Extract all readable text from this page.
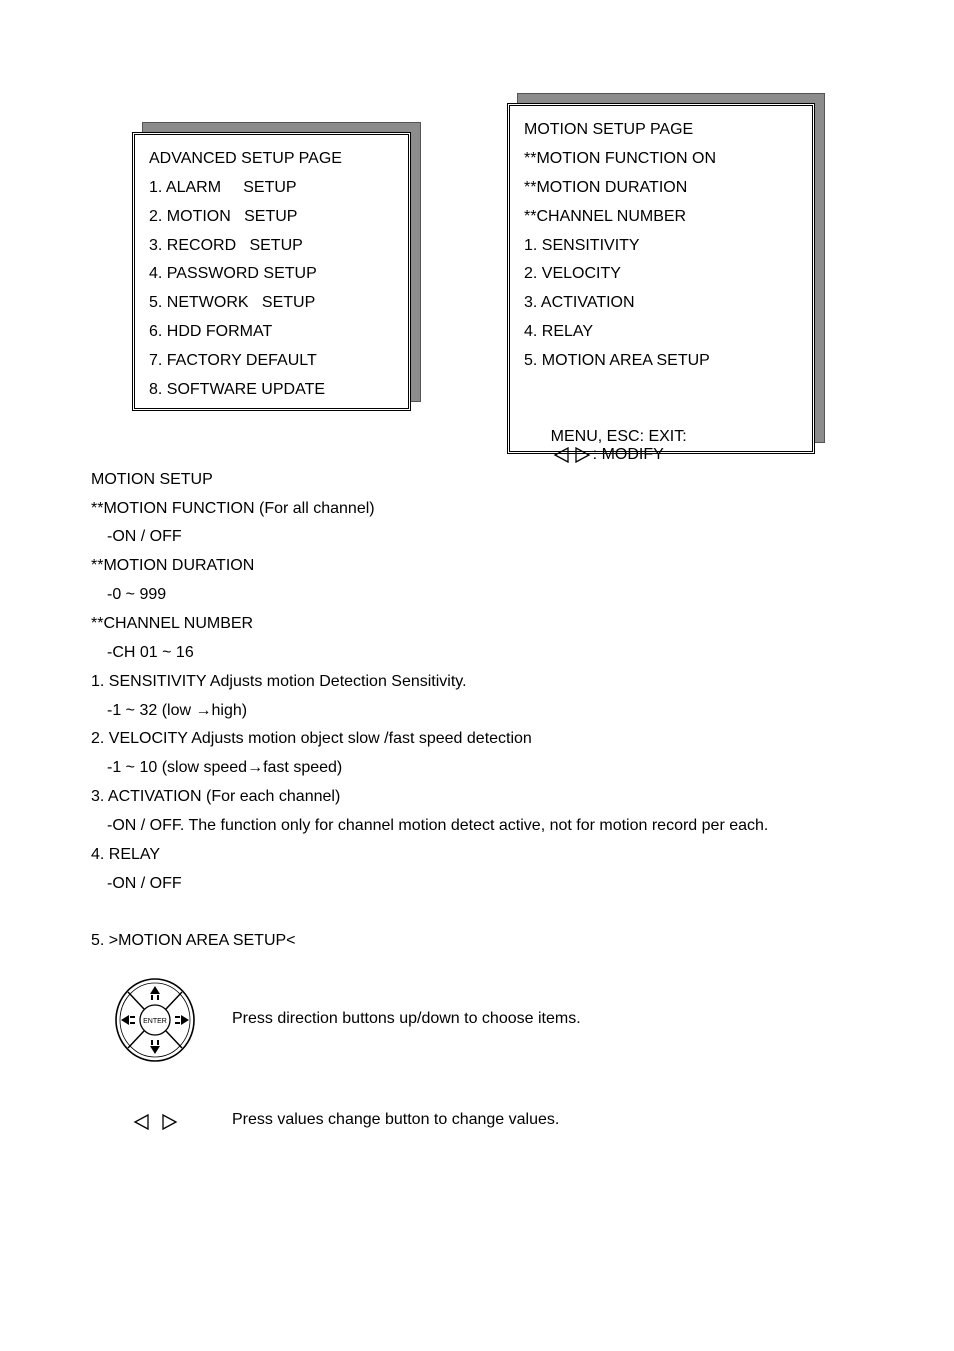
ADVANCED SETUP PAGE
1. ALARM     SETUP
2. MOTION   SETUP
3. RECORD   SETUP
4. PASSWORD SETUP
5. NETWORK   SETUP
6. HDD FORMAT
7. FACTORY DEFAULT
8. SOFTWARE UPDATE
MOTION SETUP PAGE
**MOTION FUNCTION ON
**MOTION DURATION
**CHANNEL NUMBER
1. SENSITIVITY
2. VELOCITY
3. ACTIVATION
4. RELAY
5. MOTION AREA SETUP

MENU, ESC: EXIT:
: MODIFY

MOTION SETUP
**MOTION FUNCTION (For all channel)
-ON / OFF
**MOTION DURATION
-0 ~ 999
**CHANNEL NUMBER
-CH 01 ~ 16
1. SENSITIVITY Adjusts motion Detection Sensitivity.
-1 ~ 32 (low →high)
2. VELOCITY Adjusts motion object slow /fast speed detection
-1 ~ 10 (slow speed→fast speed)
3. ACTIVATION (For each channel)
-ON / OFF. The function only for channel motion detect active, not for motion record per each.
4. RELAY
-ON / OFF
5. >MOTION AREA SETUP<
ENTER	Press direction buttons up/down to choose items.
Press values change button to change values.
